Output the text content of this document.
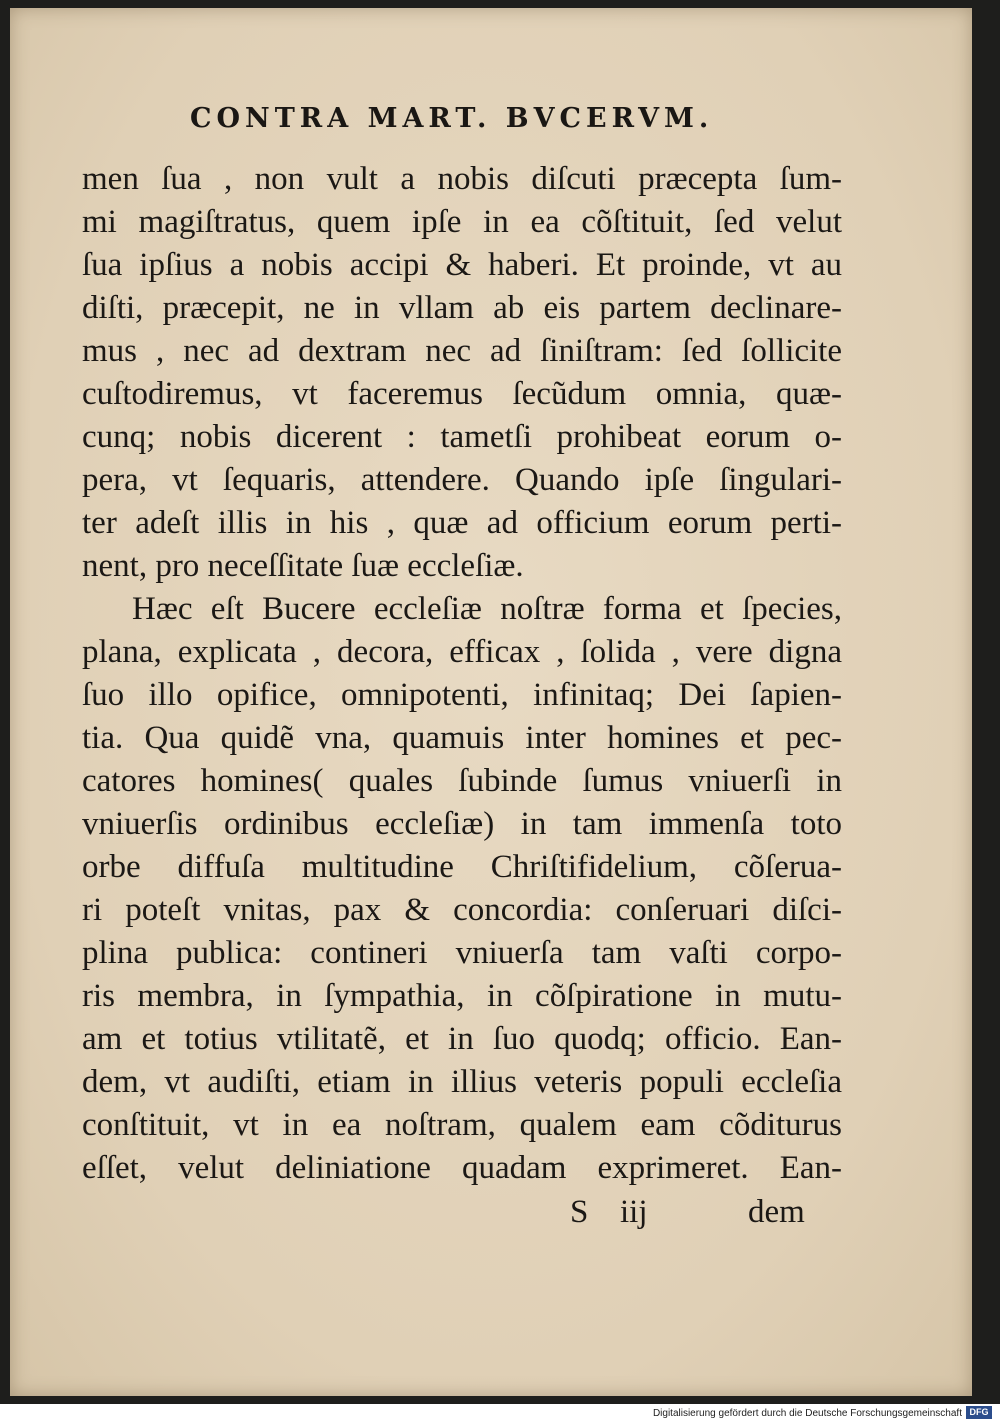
CONTRA MART. BVCERVM.
men ſua , non vult a nobis diſcuti præcepta ſum-
mi magiſtratus, quem ipſe in ea cõſtituit, ſed velut
ſua ipſius a nobis accipi & haberi. Et proinde, vt au
diſti, præcepit, ne in vllam ab eis partem declinare-
mus , nec ad dextram nec ad ſiniſtram: ſed ſollicite
cuſtodiremus, vt faceremus ſecũdum omnia, quæ-
cunq; nobis dicerent : tametſi prohibeat eorum o-
pera, vt ſequaris, attendere. Quando ipſe ſingulari-
ter adeſt illis in his , quæ ad officium eorum perti-
nent, pro neceſſitate ſuæ eccleſiæ.
Hæc eſt Bucere eccleſiæ noſtræ forma et ſpecies,
plana, explicata , decora, efficax , ſolida , vere digna
ſuo illo opifice, omnipotenti, infinitaq; Dei ſapien-
tia. Qua quidẽ vna, quamuis inter homines et pec-
catores homines( quales ſubinde ſumus vniuerſi in
vniuerſis ordinibus eccleſiæ) in tam immenſa toto
orbe diffuſa multitudine Chriſtifidelium, cõſerua-
ri poteſt vnitas, pax & concordia: conſeruari diſci-
plina publica: contineri vniuerſa tam vaſti corpo-
ris membra, in ſympathia, in cõſpiratione in mutu-
am et totius vtilitatẽ, et in ſuo quodq; officio. Ean-
dem, vt audiſti, etiam in illius veteris populi eccleſia
conſtituit, vt in ea noſtram, qualem eam cõditurus
eſſet, velut deliniatione quadam exprimeret. Ean-
S iij	dem
Digitalisierung gefördert durch die Deutsche Forschungsgemeinschaft DFG
